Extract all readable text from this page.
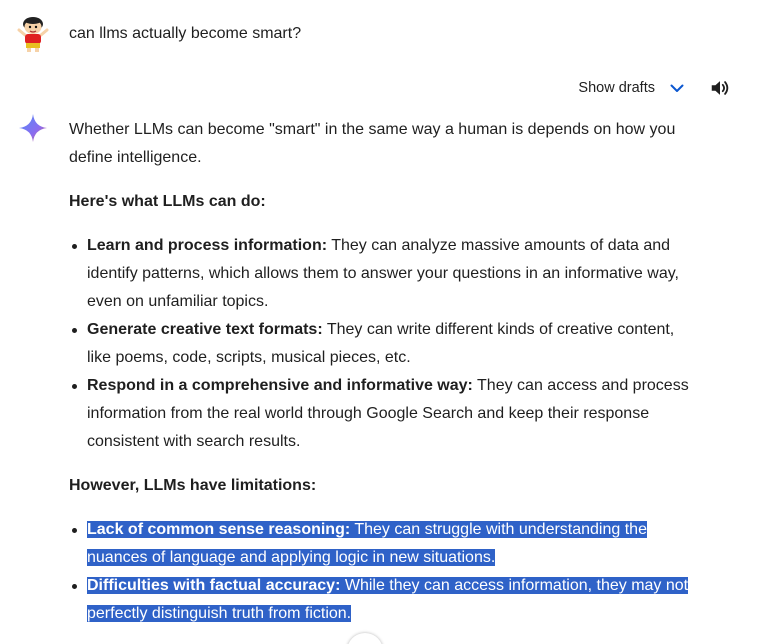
can llms actually become smart?
Show drafts

Whether LLMs can become "smart" in the same way a human is depends on how you define intelligence.

Here's what LLMs can do:

Learn and process information: They can analyze massive amounts of data and identify patterns, which allows them to answer your questions in an informative way, even on unfamiliar topics.
Generate creative text formats: They can write different kinds of creative content, like poems, code, scripts, musical pieces, etc.
Respond in a comprehensive and informative way: They can access and process information from the real world through Google Search and keep their response consistent with search results.

However, LLMs have limitations:

Lack of common sense reasoning: They can struggle with understanding the nuances of language and applying logic in new situations.
Difficulties with factual accuracy: While they can access information, they may not perfectly distinguish truth from fiction.
